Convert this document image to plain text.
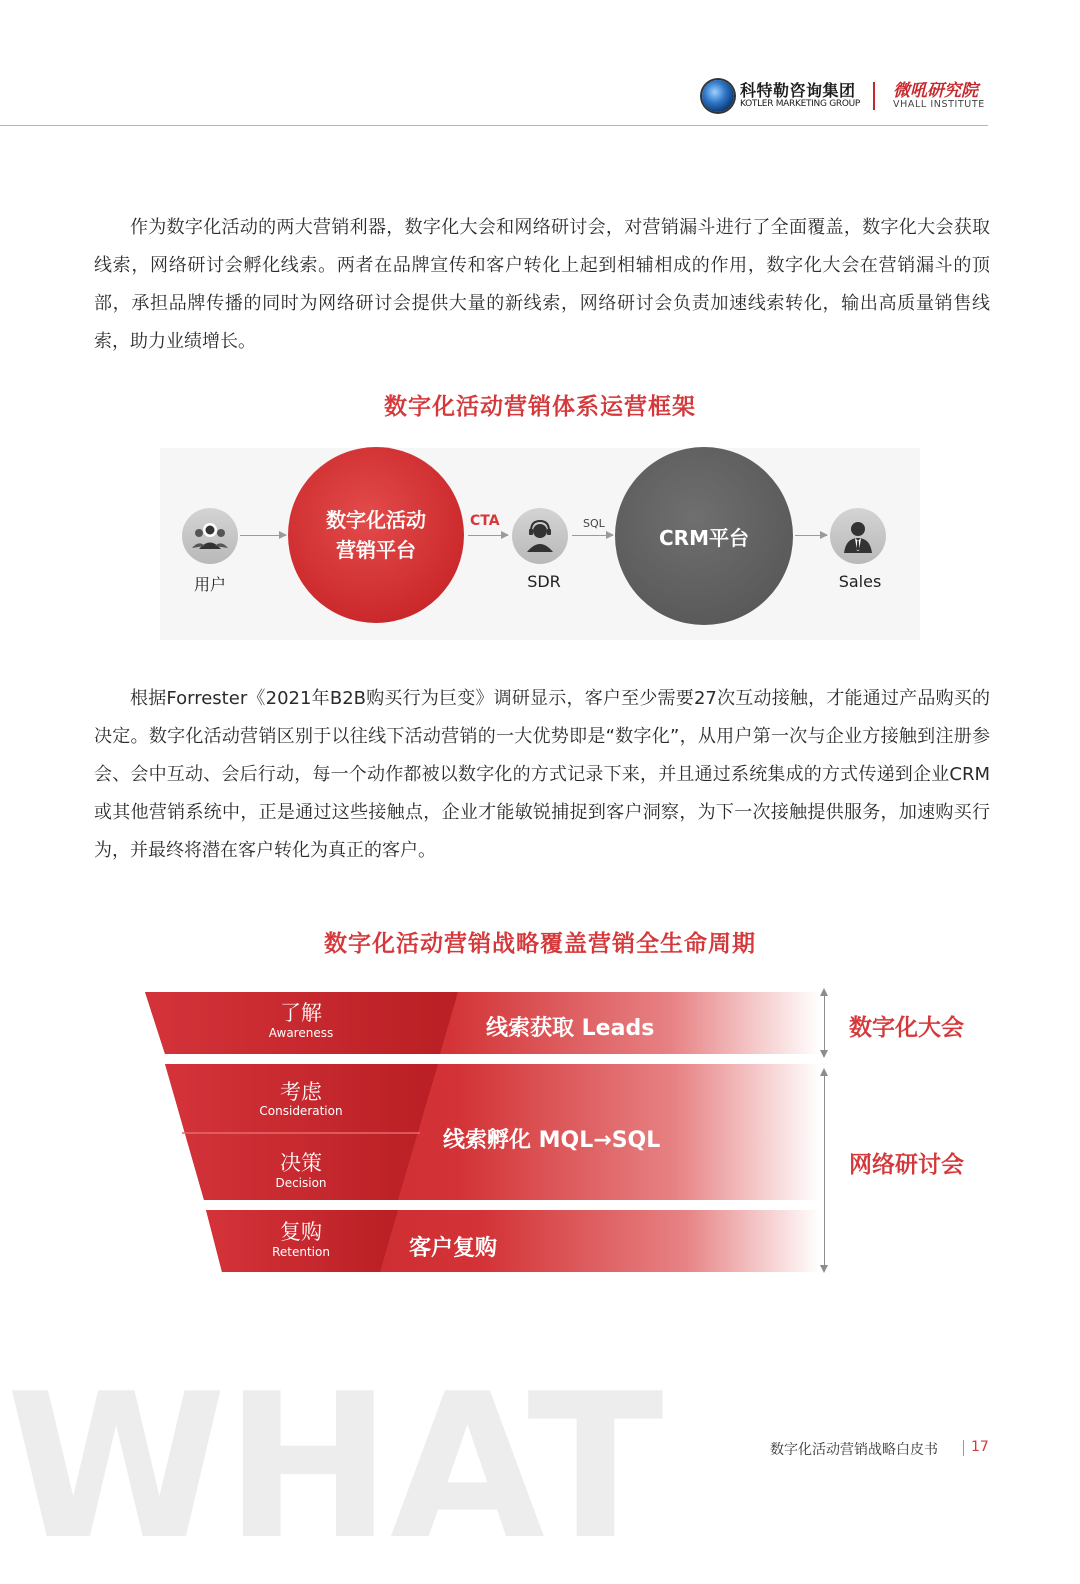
科特勒咨询集团
KOTLER MARKETING GROUP
微吼研究院
VHALL INSTITUTE

作为数字化活动的两大营销利器，数字化大会和网络研讨会，对营销漏斗进行了全面覆盖，数字化大会获取线索，网络研讨会孵化线索。两者在品牌宣传和客户转化上起到相辅相成的作用，数字化大会在营销漏斗的顶部，承担品牌传播的同时为网络研讨会提供大量的新线索，网络研讨会负责加速线索转化，输出高质量销售线索，助力业绩增长。

数字化活动营销体系运营框架
用户
数字化活动
营销平台
CTA
SDR
SQL
CRM平台
Sales

根据Forrester《2021年B2B购买行为巨变》调研显示，客户至少需要27次互动接触，才能通过产品购买的决定。数字化活动营销区别于以往线下活动营销的一大优势即是“数字化”，从用户第一次与企业方接触到注册参会、会中互动、会后行动，每一个动作都被以数字化的方式记录下来，并且通过系统集成的方式传递到企业CRM或其他营销系统中，正是通过这些接触点，企业才能敏锐捕捉到客户洞察，为下一次接触提供服务，加速购买行为，并最终将潜在客户转化为真正的客户。

数字化活动营销战略覆盖营销全生命周期
了解
Awareness
考虑
Consideration
决策
Decision
复购
Retention
线索获取 Leads
线索孵化 MQL→SQL
客户复购
数字化大会
网络研讨会
WHAT	数字化活动营销战略白皮书 17
